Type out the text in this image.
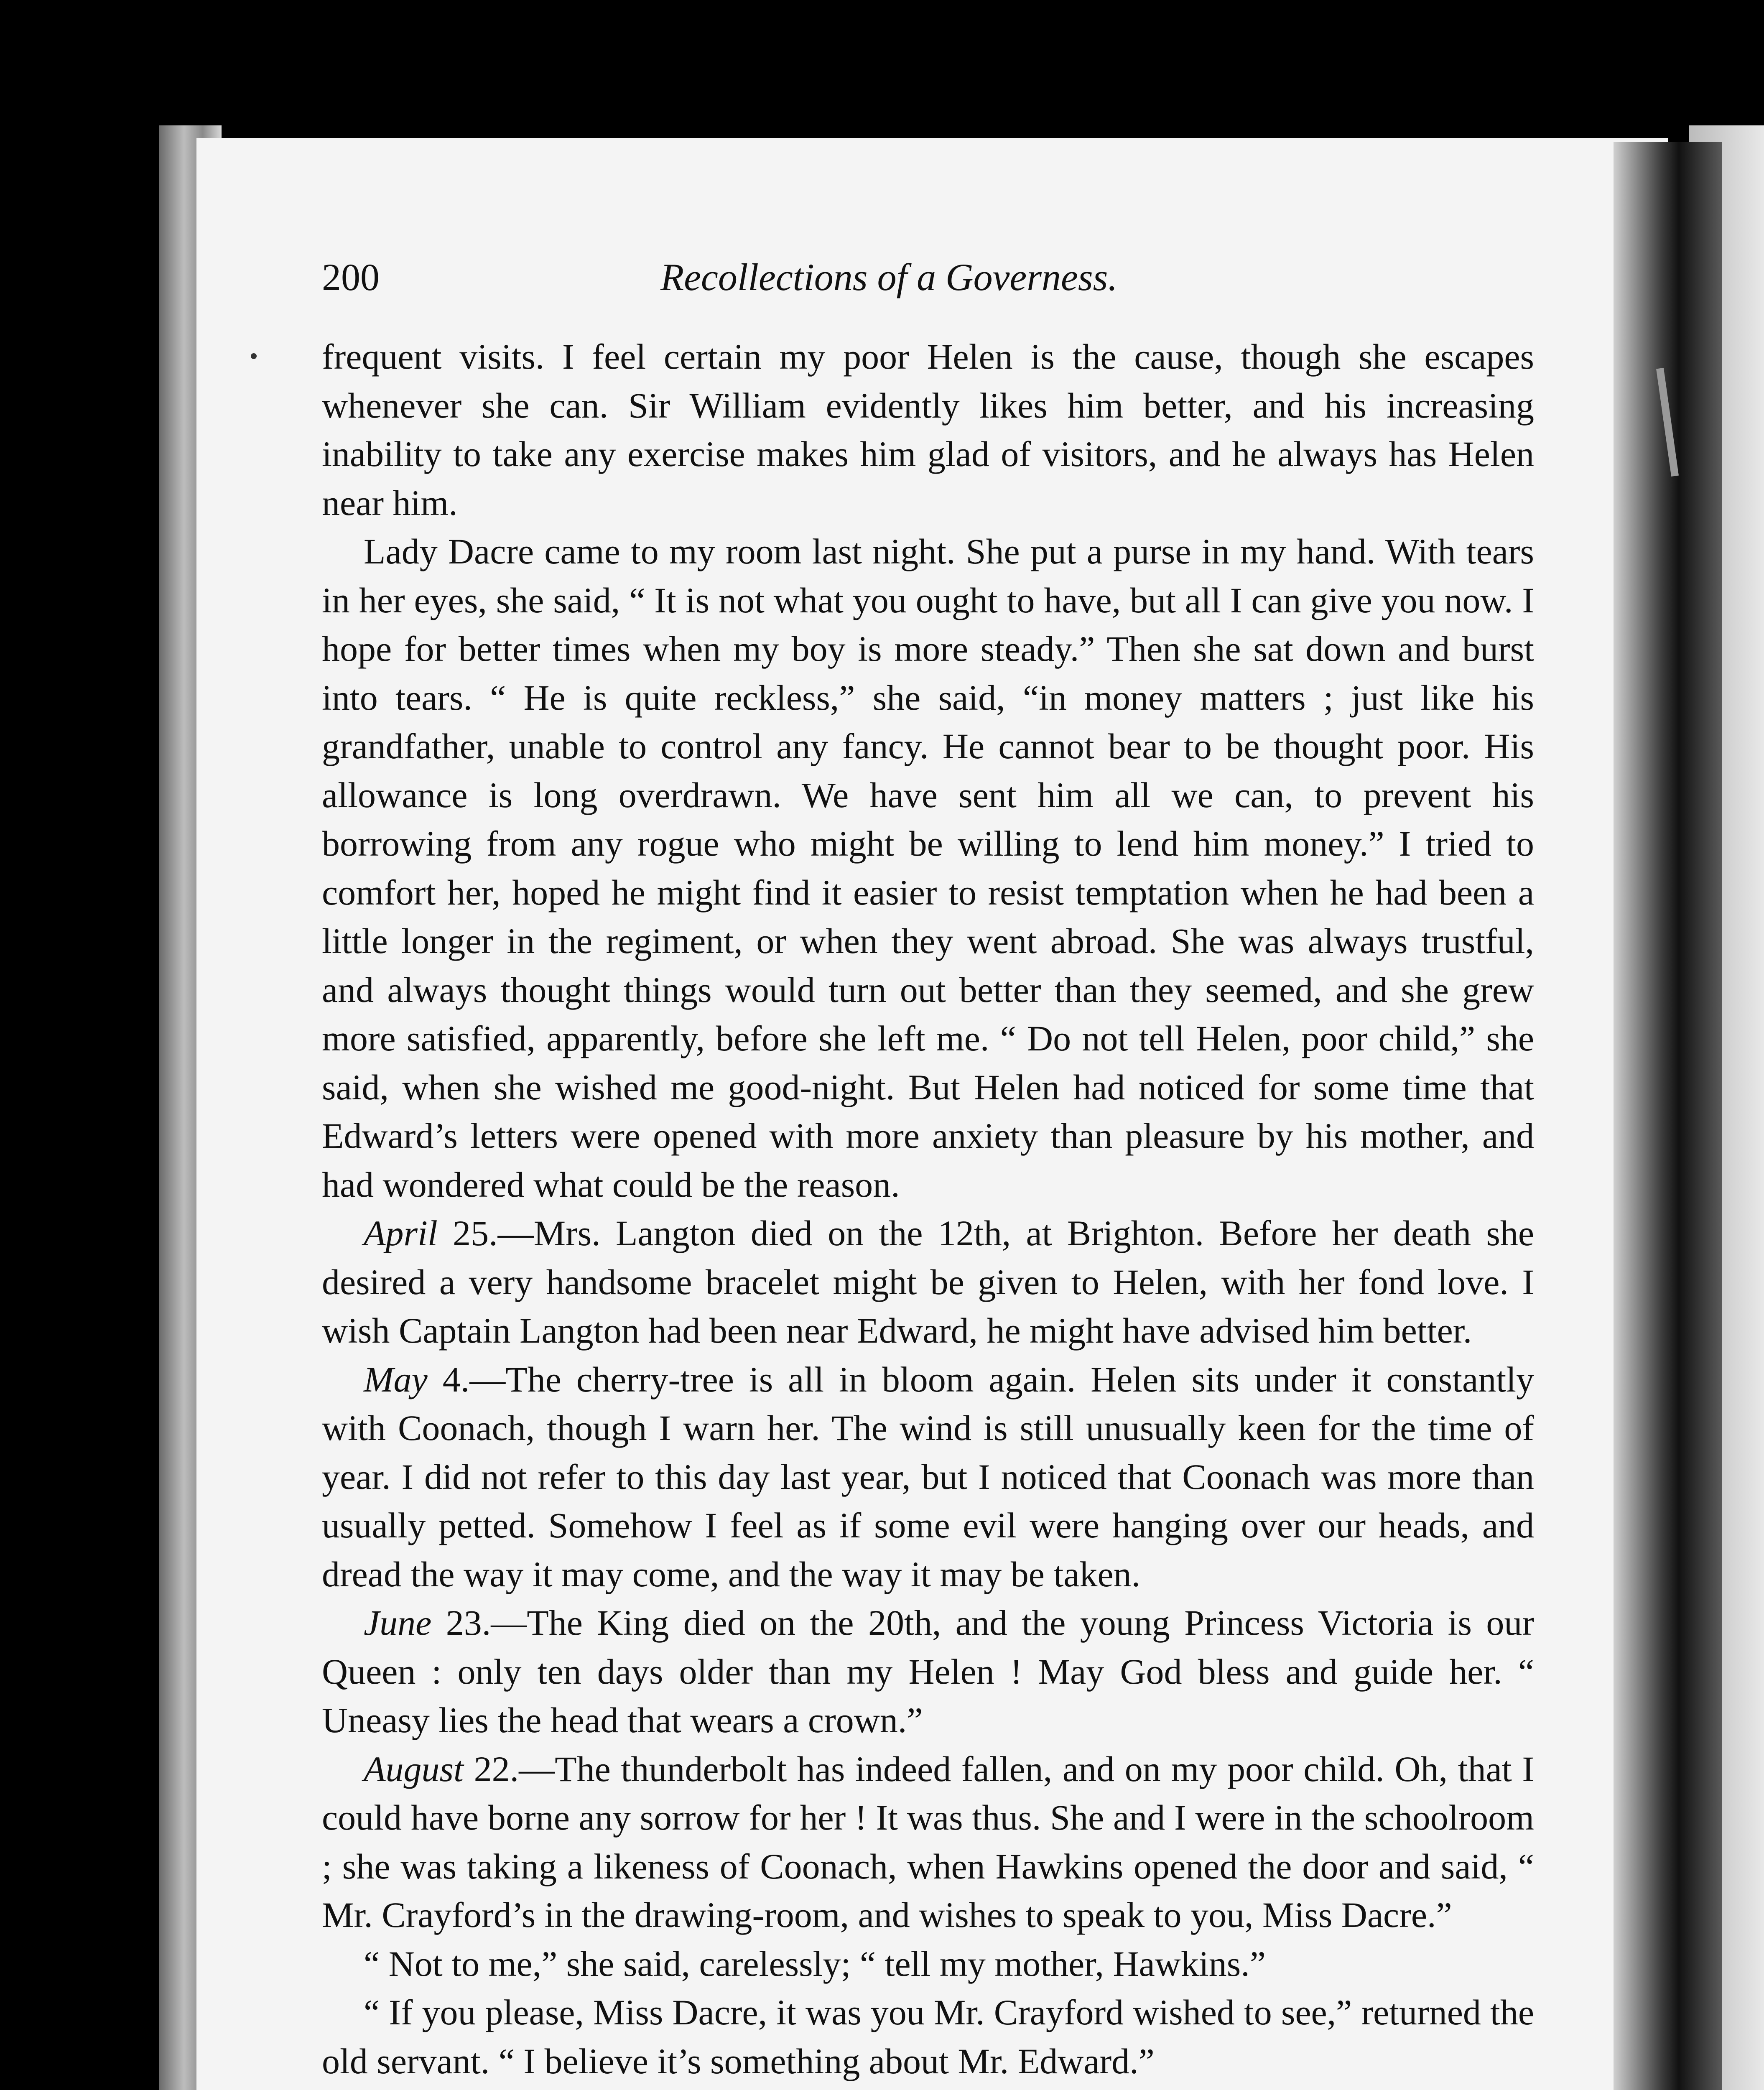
200	Recollections of a Governess.

frequent visits. I feel certain my poor Helen is the cause, though she escapes whenever she can. Sir William evidently likes him better, and his increasing inability to take any exercise makes him glad of visitors, and he always has Helen near him.

Lady Dacre came to my room last night. She put a purse in my hand. With tears in her eyes, she said, “ It is not what you ought to have, but all I can give you now. I hope for better times when my boy is more steady.” Then she sat down and burst into tears. “ He is quite reckless,” she said, “in money matters ; just like his grandfather, unable to control any fancy. He cannot bear to be thought poor. His allowance is long overdrawn. We have sent him all we can, to prevent his borrowing from any rogue who might be willing to lend him money.” I tried to comfort her, hoped he might find it easier to resist temptation when he had been a little longer in the regiment, or when they went abroad. She was always trustful, and always thought things would turn out better than they seemed, and she grew more satisfied, apparently, before she left me. “ Do not tell Helen, poor child,” she said, when she wished me good-night. But Helen had noticed for some time that Edward’s letters were opened with more anxiety than pleasure by his mother, and had wondered what could be the reason.

April 25.—Mrs. Langton died on the 12th, at Brighton. Before her death she desired a very handsome bracelet might be given to Helen, with her fond love. I wish Captain Langton had been near Edward, he might have advised him better.

May 4.—The cherry-tree is all in bloom again. Helen sits under it constantly with Coonach, though I warn her. The wind is still unusually keen for the time of year. I did not refer to this day last year, but I noticed that Coonach was more than usually petted. Somehow I feel as if some evil were hanging over our heads, and dread the way it may come, and the way it may be taken.

June 23.—The King died on the 20th, and the young Princess Victoria is our Queen : only ten days older than my Helen ! May God bless and guide her. “ Uneasy lies the head that wears a crown.”

August 22.—The thunderbolt has indeed fallen, and on my poor child. Oh, that I could have borne any sorrow for her ! It was thus. She and I were in the schoolroom ; she was taking a likeness of Coonach, when Hawkins opened the door and said, “ Mr. Crayford’s in the drawing-room, and wishes to speak to you, Miss Dacre.”

“ Not to me,” she said, carelessly; “ tell my mother, Hawkins.”

“ If you please, Miss Dacre, it was you Mr. Crayford wished to see,” returned the old servant. “ I believe it’s something about Mr. Edward.”
